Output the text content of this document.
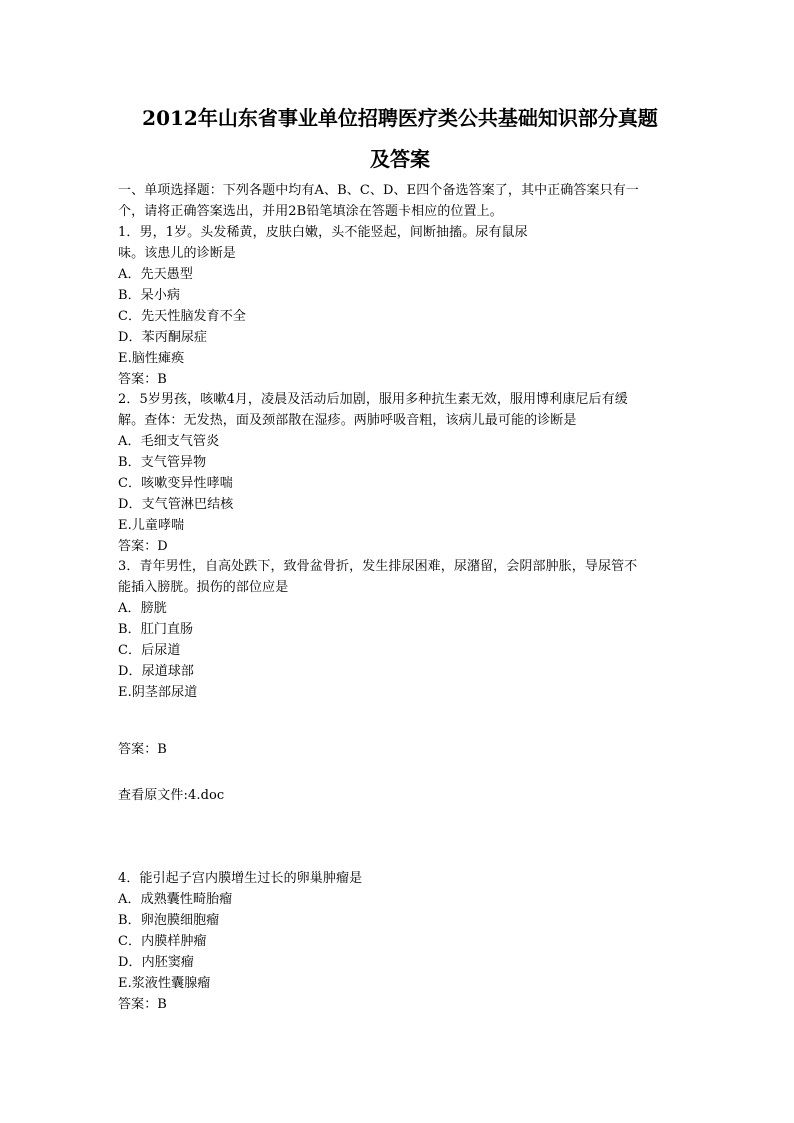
2012年山东省事业单位招聘医疗类公共基础知识部分真题
及答案
一、单项选择题：下列各题中均有A、B、C、D、E四个备选答案了，其中正确答案只有一
个，请将正确答案选出，并用2B铅笔填涂在答题卡相应的位置上。
1．男，1岁。头发稀黄，皮肤白嫩，头不能竖起，间断抽搐。尿有鼠尿
味。该患儿的诊断是
A．先天愚型
B．呆小病
C．先天性脑发育不全
D．苯丙酮尿症
E.脑性瘫痪
答案：B
2．5岁男孩，咳嗽4月，凌晨及活动后加剧，服用多种抗生素无效，服用博利康尼后有缓
解。查体：无发热，面及颈部散在湿疹。两肺呼吸音粗，该病儿最可能的诊断是
A．毛细支气管炎
B．支气管异物
C．咳嗽变异性哮喘
D．支气管淋巴结核
E.儿童哮喘
答案：D
3．青年男性，自高处跌下，致骨盆骨折，发生排尿困难，尿潴留，会阴部肿胀，导尿管不
能插入膀胱。损伤的部位应是
A．膀胱
B．肛门直肠
C．后尿道
D．尿道球部
E.阴茎部尿道
答案：B
查看原文件:4.doc
4．能引起子宫内膜增生过长的卵巢肿瘤是
A．成熟囊性畸胎瘤
B．卵泡膜细胞瘤
C．内膜样肿瘤
D．内胚窦瘤
E.浆液性囊腺瘤
答案：B
